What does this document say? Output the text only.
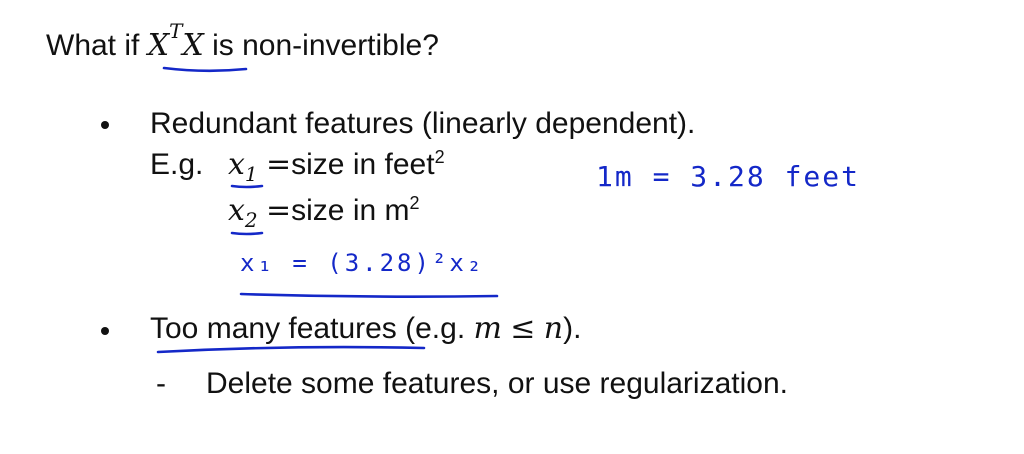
What if $X^TX$ is non-invertible?
Redundant features (linearly dependent).
E.g. $x_1$ =size in feet$^2$
$x_2$ =size in $m^2$
Too many features (e.g. m ≤ n).
- Delete some features, or use regularization.
1m = 3.28 feet
x₁ = (3.28)²x₂
